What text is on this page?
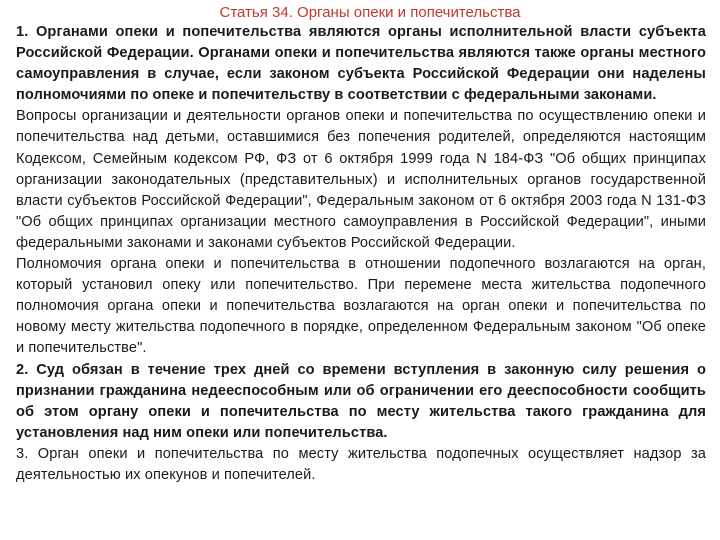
Статья 34. Органы опеки и попечительства

1. Органами опеки и попечительства являются органы исполнительной власти субъекта Российской Федерации. Органами опеки и попечительства являются также органы местного самоуправления в случае, если законом субъекта Российской Федерации они наделены полномочиями по опеке и попечительству в соответствии с федеральными законами.

Вопросы организации и деятельности органов опеки и попечительства по осуществлению опеки и попечительства над детьми, оставшимися без попечения родителей, определяются настоящим Кодексом, Семейным кодексом РФ, ФЗ от 6 октября 1999 года N 184-ФЗ "Об общих принципах организации законодательных (представительных) и исполнительных органов государственной власти субъектов Российской Федерации", Федеральным законом от 6 октября 2003 года N 131-ФЗ "Об общих принципах организации местного самоуправления в Российской Федерации", иными федеральными законами и законами субъектов Российской Федерации.

Полномочия органа опеки и попечительства в отношении подопечного возлагаются на орган, который установил опеку или попечительство. При перемене места жительства подопечного полномочия органа опеки и попечительства возлагаются на орган опеки и попечительства по новому месту жительства подопечного в порядке, определенном Федеральным законом "Об опеке и попечительстве".

2. Суд обязан в течение трех дней со времени вступления в законную силу решения о признании гражданина недееспособным или об ограничении его дееспособности сообщить об этом органу опеки и попечительства по месту жительства такого гражданина для установления над ним опеки или попечительства.

3. Орган опеки и попечительства по месту жительства подопечных осуществляет надзор за деятельностью их опекунов и попечителей.
